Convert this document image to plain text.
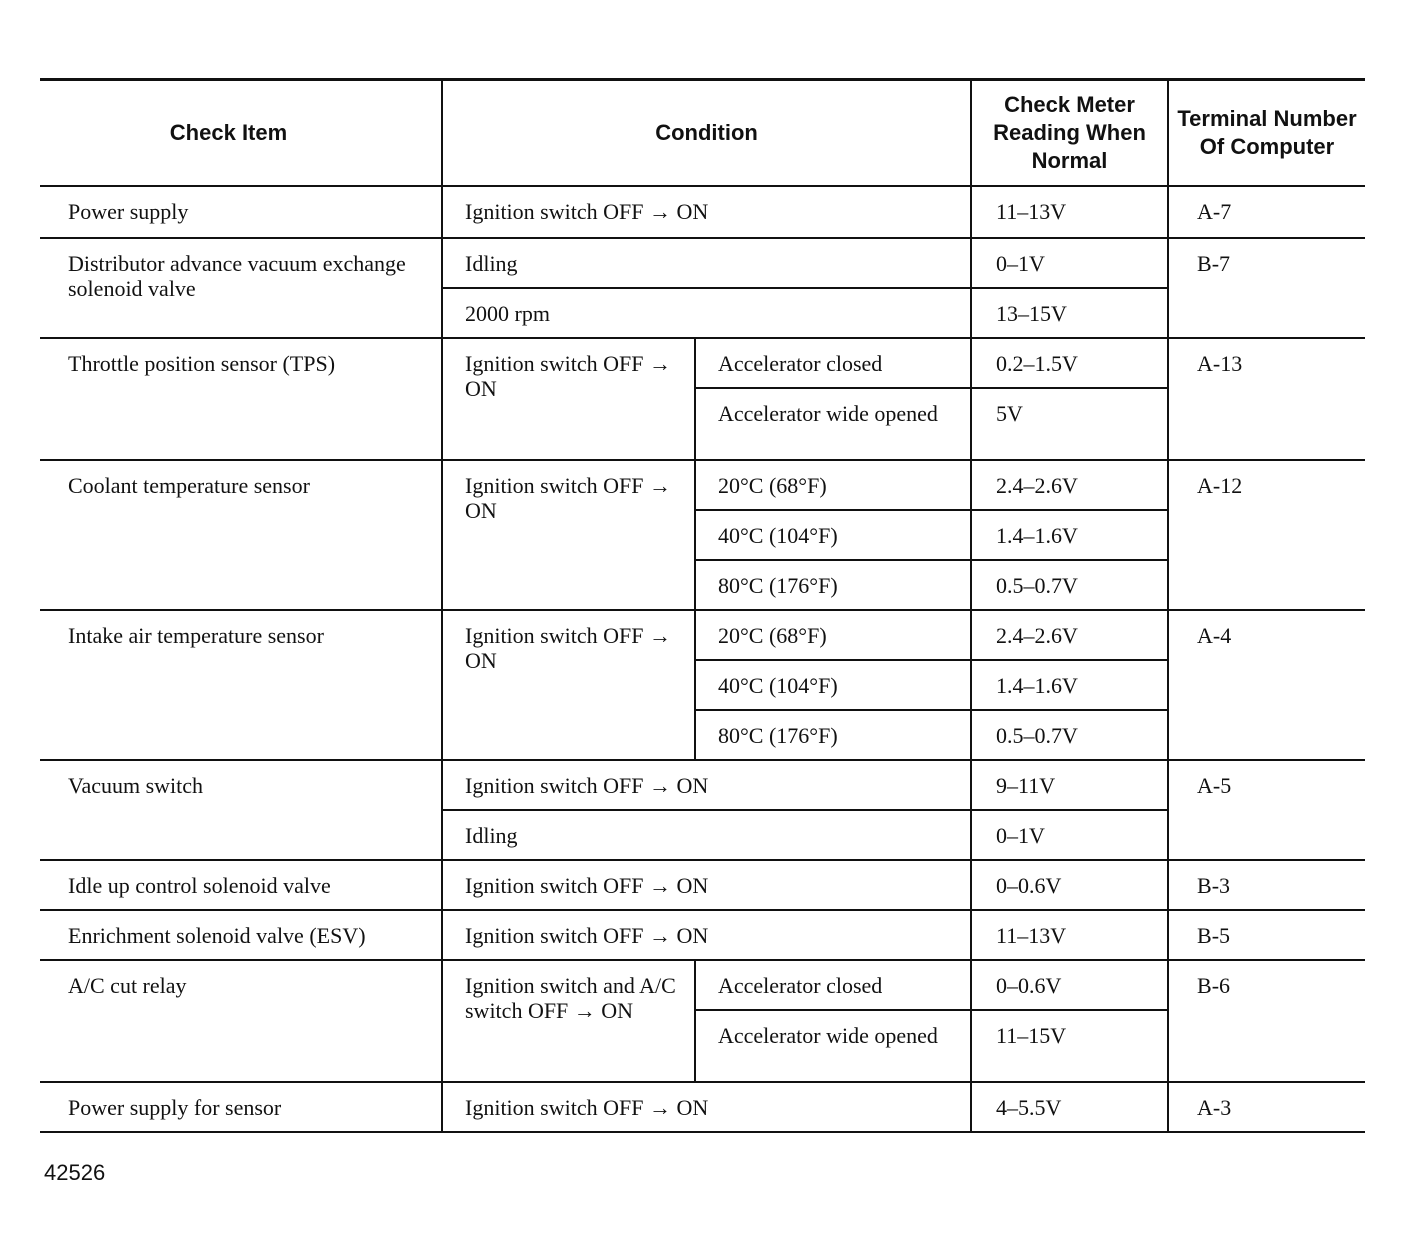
Check Item	Condition		Check Meter Reading When Normal	Terminal Number Of Computer
Power supply	Ignition switch OFF → ON		11–13V	A-7
Distributor advance vacuum exchange solenoid valve	Idling		0–1V	B-7
	2000 rpm		13–15V	
Throttle position sensor (TPS)	Ignition switch OFF → ON	Accelerator closed	0.2–1.5V	A-13
		Accelerator wide opened	5V	
Coolant temperature sensor	Ignition switch OFF → ON	20°C (68°F)	2.4–2.6V	A-12
		40°C (104°F)	1.4–1.6V	
		80°C (176°F)	0.5–0.7V	
Intake air temperature sensor	Ignition switch OFF → ON	20°C (68°F)	2.4–2.6V	A-4
		40°C (104°F)	1.4–1.6V	
		80°C (176°F)	0.5–0.7V	
Vacuum switch	Ignition switch OFF → ON		9–11V	A-5
	Idling		0–1V	
Idle up control solenoid valve	Ignition switch OFF → ON		0–0.6V	B-3
Enrichment solenoid valve (ESV)	Ignition switch OFF → ON		11–13V	B-5
A/C cut relay	Ignition switch and A/C switch OFF → ON	Accelerator closed	0–0.6V	B-6
		Accelerator wide opened	11–15V	
Power supply for sensor	Ignition switch OFF → ON		4–5.5V	A-3
42526
